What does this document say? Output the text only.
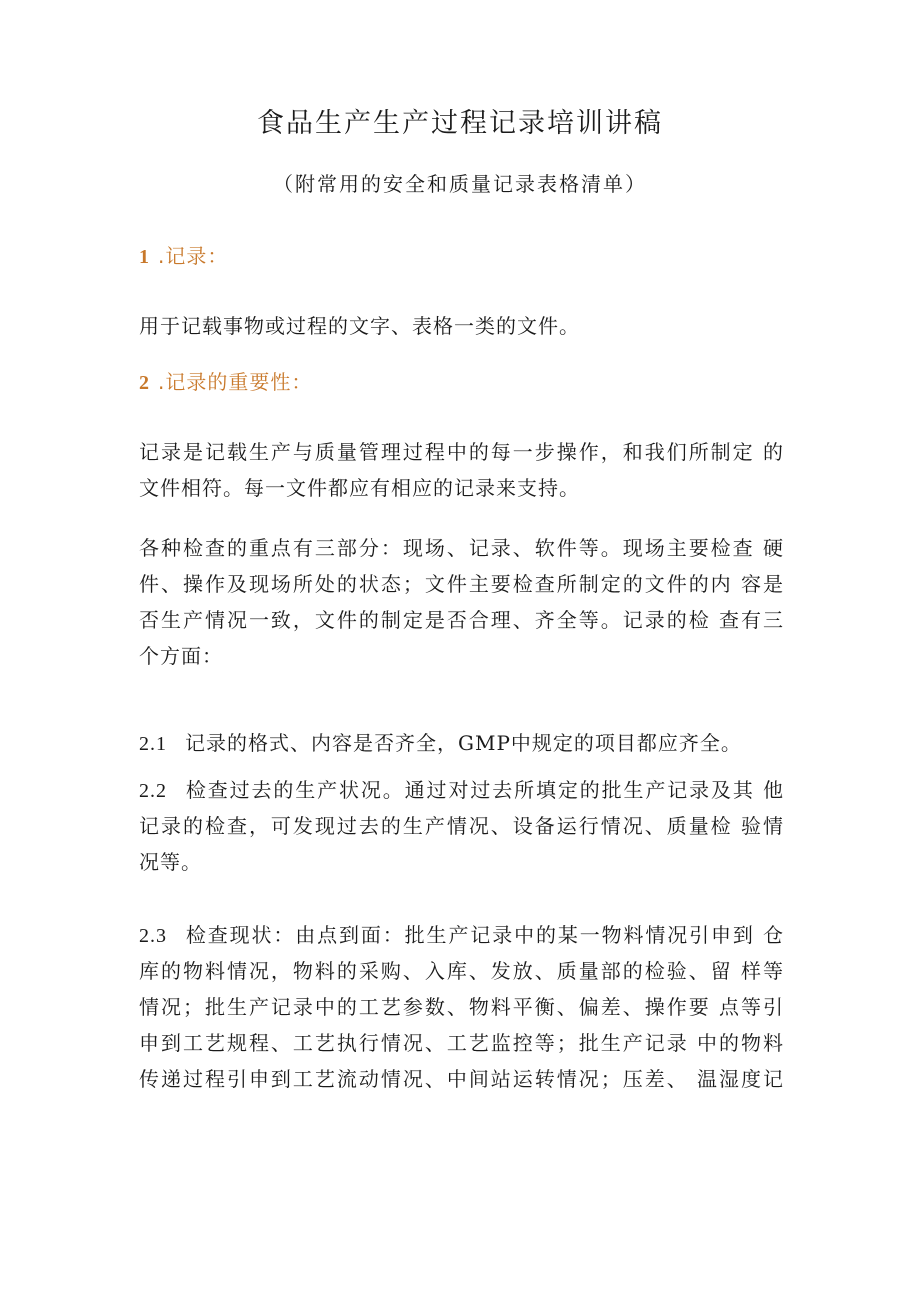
食品生产生产过程记录培训讲稿

（附常用的安全和质量记录表格清单）

1 .记录：

用于记载事物或过程的文字、表格一类的文件。

2 .记录的重要性：

记录是记载生产与质量管理过程中的每一步操作，和我们所制定 的
文件相符。每一文件都应有相应的记录来支持。
各种检查的重点有三部分：现场、记录、软件等。现场主要检查 硬
件、操作及现场所处的状态；文件主要检查所制定的文件的内 容是
否生产情况一致，文件的制定是否合理、齐全等。记录的检 查有三
个方面：
2.1 记录的格式、内容是否齐全，GMP中规定的项目都应齐全。
2.2 检查过去的生产状况。通过对过去所填定的批生产记录及其 他
记录的检查，可发现过去的生产情况、设备运行情况、质量检 验情
况等。
2.3 检查现状：由点到面：批生产记录中的某一物料情况引申到 仓
库的物料情况，物料的采购、入库、发放、质量部的检验、留 样等
情况；批生产记录中的工艺参数、物料平衡、偏差、操作要 点等引
申到工艺规程、工艺执行情况、工艺监控等；批生产记录 中的物料
传递过程引申到工艺流动情况、中间站运转情况；压差、 温湿度记
